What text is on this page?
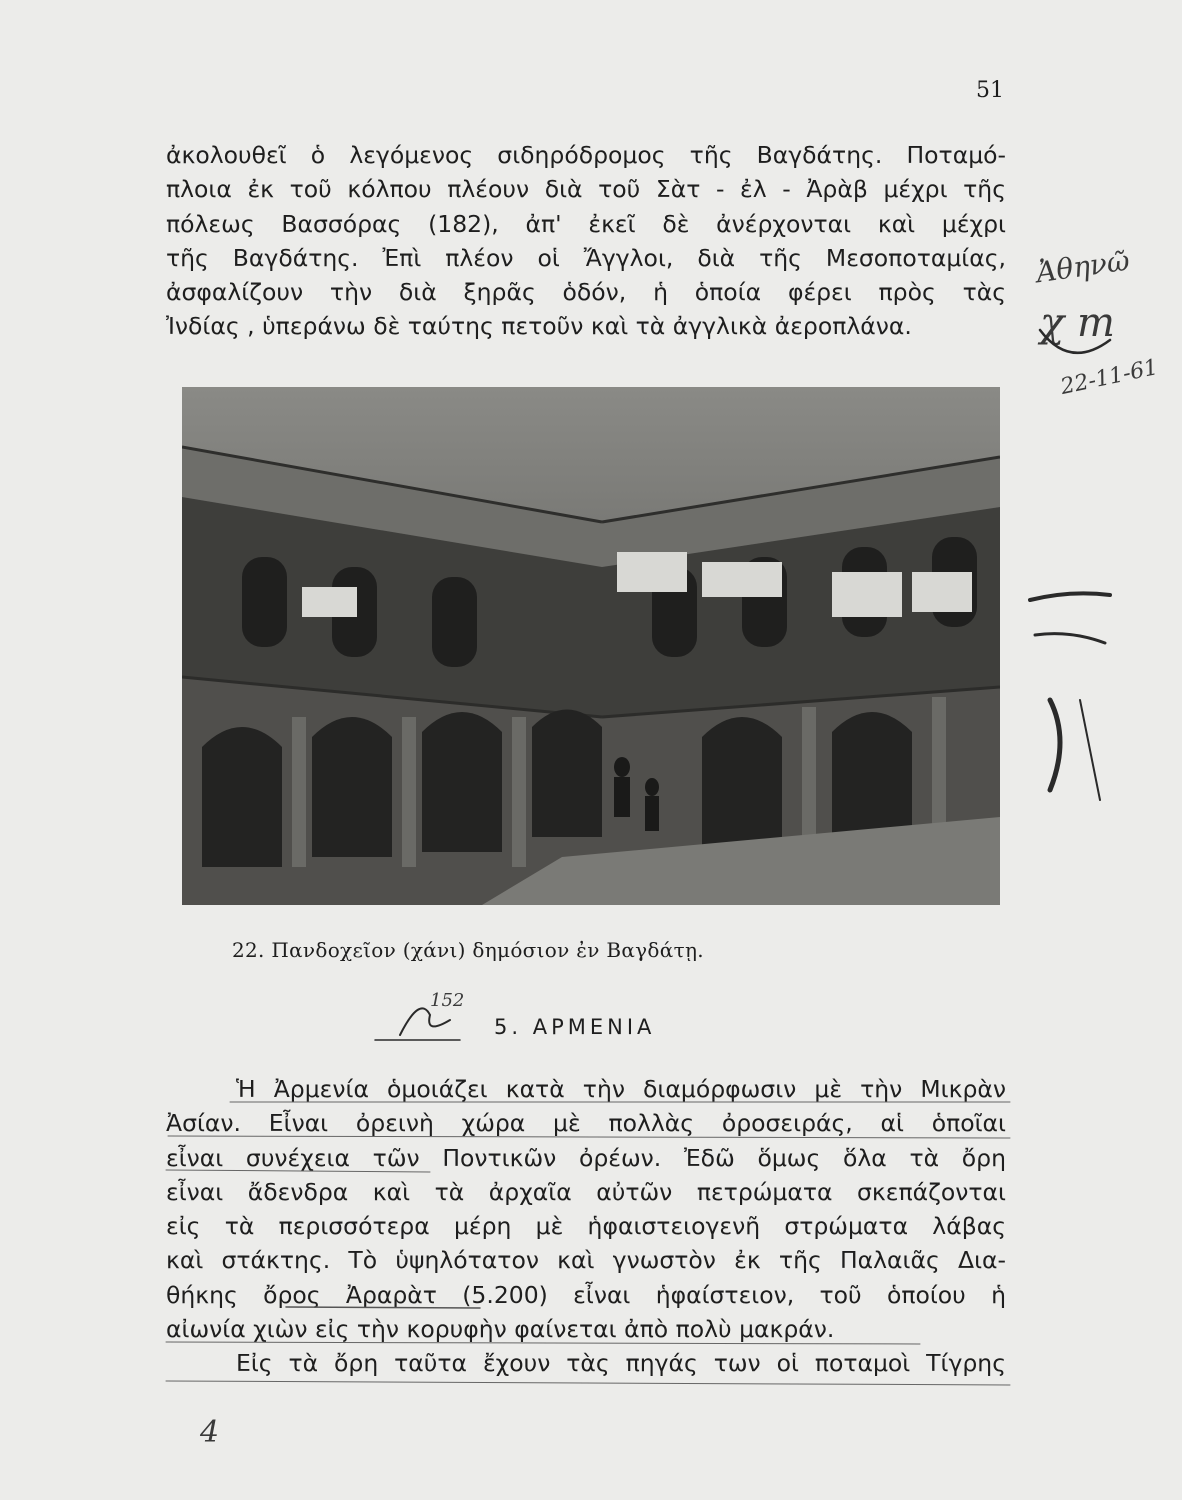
51
ἀκολουθεῖ ὁ λεγόμενος σιδηρόδρομος τῆς Βαγδάτης. Ποταμό-
πλοια ἐκ τοῦ κόλπου πλέουν διὰ τοῦ Σὰτ - ἐλ - Ἀρὰβ μέχρι τῆς
πόλεως Βασσόρας (182), ἀπ' ἐκεῖ δὲ ἀνέρχονται καὶ μέχρι
τῆς Βαγδάτης. Ἐπὶ πλέον οἱ Ἄγγλοι, διὰ τῆς Μεσοποταμίας,
ἀσφαλίζουν τὴν διὰ ξηρᾶς ὁδόν, ἡ ὁποία φέρει πρὸς τὰς
Ἰνδίας , ὑπεράνω δὲ ταύτης πετοῦν καὶ τὰ ἀγγλικὰ ἀεροπλάνα.
22. Πανδοχεῖον (χάνι) δημόσιον ἐν Βαγδάτῃ.
5. ΑΡΜΕΝΙΑ
Ἡ Ἀρμενία ὁμοιάζει κατὰ τὴν διαμόρφωσιν μὲ τὴν Μικρὰν
Ἀσίαν. Εἶναι ὀρεινὴ χώρα μὲ πολλὰς ὀροσειράς, αἱ ὁποῖαι
εἶναι συνέχεια τῶν Ποντικῶν ὀρέων. Ἐδῶ ὅμως ὅλα τὰ ὄρη
εἶναι ἄδενδρα καὶ τὰ ἀρχαῖα αὐτῶν πετρώματα σκεπάζονται
εἰς τὰ περισσότερα μέρη μὲ ἡφαιστειογενῆ στρώματα λάβας
καὶ στάκτης. Τὸ ὑψηλότατον καὶ γνωστὸν ἐκ τῆς Παλαιᾶς Δια-
θήκης ὄρος Ἀραρὰτ (5.200) εἶναι ἡφαίστειον, τοῦ ὁποίου ἡ
αἰωνία χιὼν εἰς τὴν κορυφὴν φαίνεται ἀπὸ πολὺ μακράν.
Εἰς τὰ ὄρη ταῦτα ἔχουν τὰς πηγάς των οἱ ποταμοὶ Τίγρης
Ἀθηνῶ
χ m
22-11-61
152
4
